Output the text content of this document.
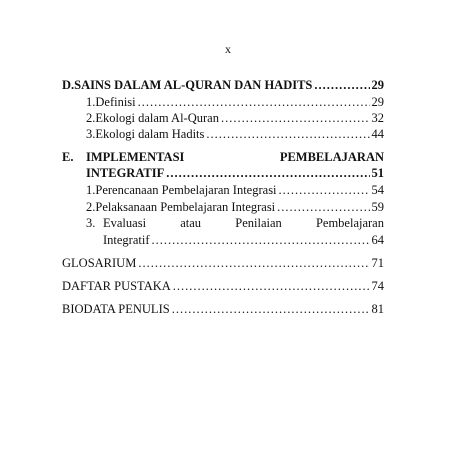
x
D. SAINS DALAM AL-QURAN DAN HADITS .....	29
1. Definisi .....	29
2. Ekologi dalam Al-Quran .....	32
3. Ekologi dalam Hadits .....	44
E.	IMPLEMENTASI	PEMBELAJARAN
INTEGRATIF .....	51
1. Perencanaan Pembelajaran Integrasi .....	54
2. Pelaksanaan Pembelajaran Integrasi .....	59
3. Evaluasi	atau	Penilaian	Pembelajaran
Integratif .....	64
GLOSARIUM .....	71
DAFTAR PUSTAKA .....	74
BIODATA PENULIS .....	81
